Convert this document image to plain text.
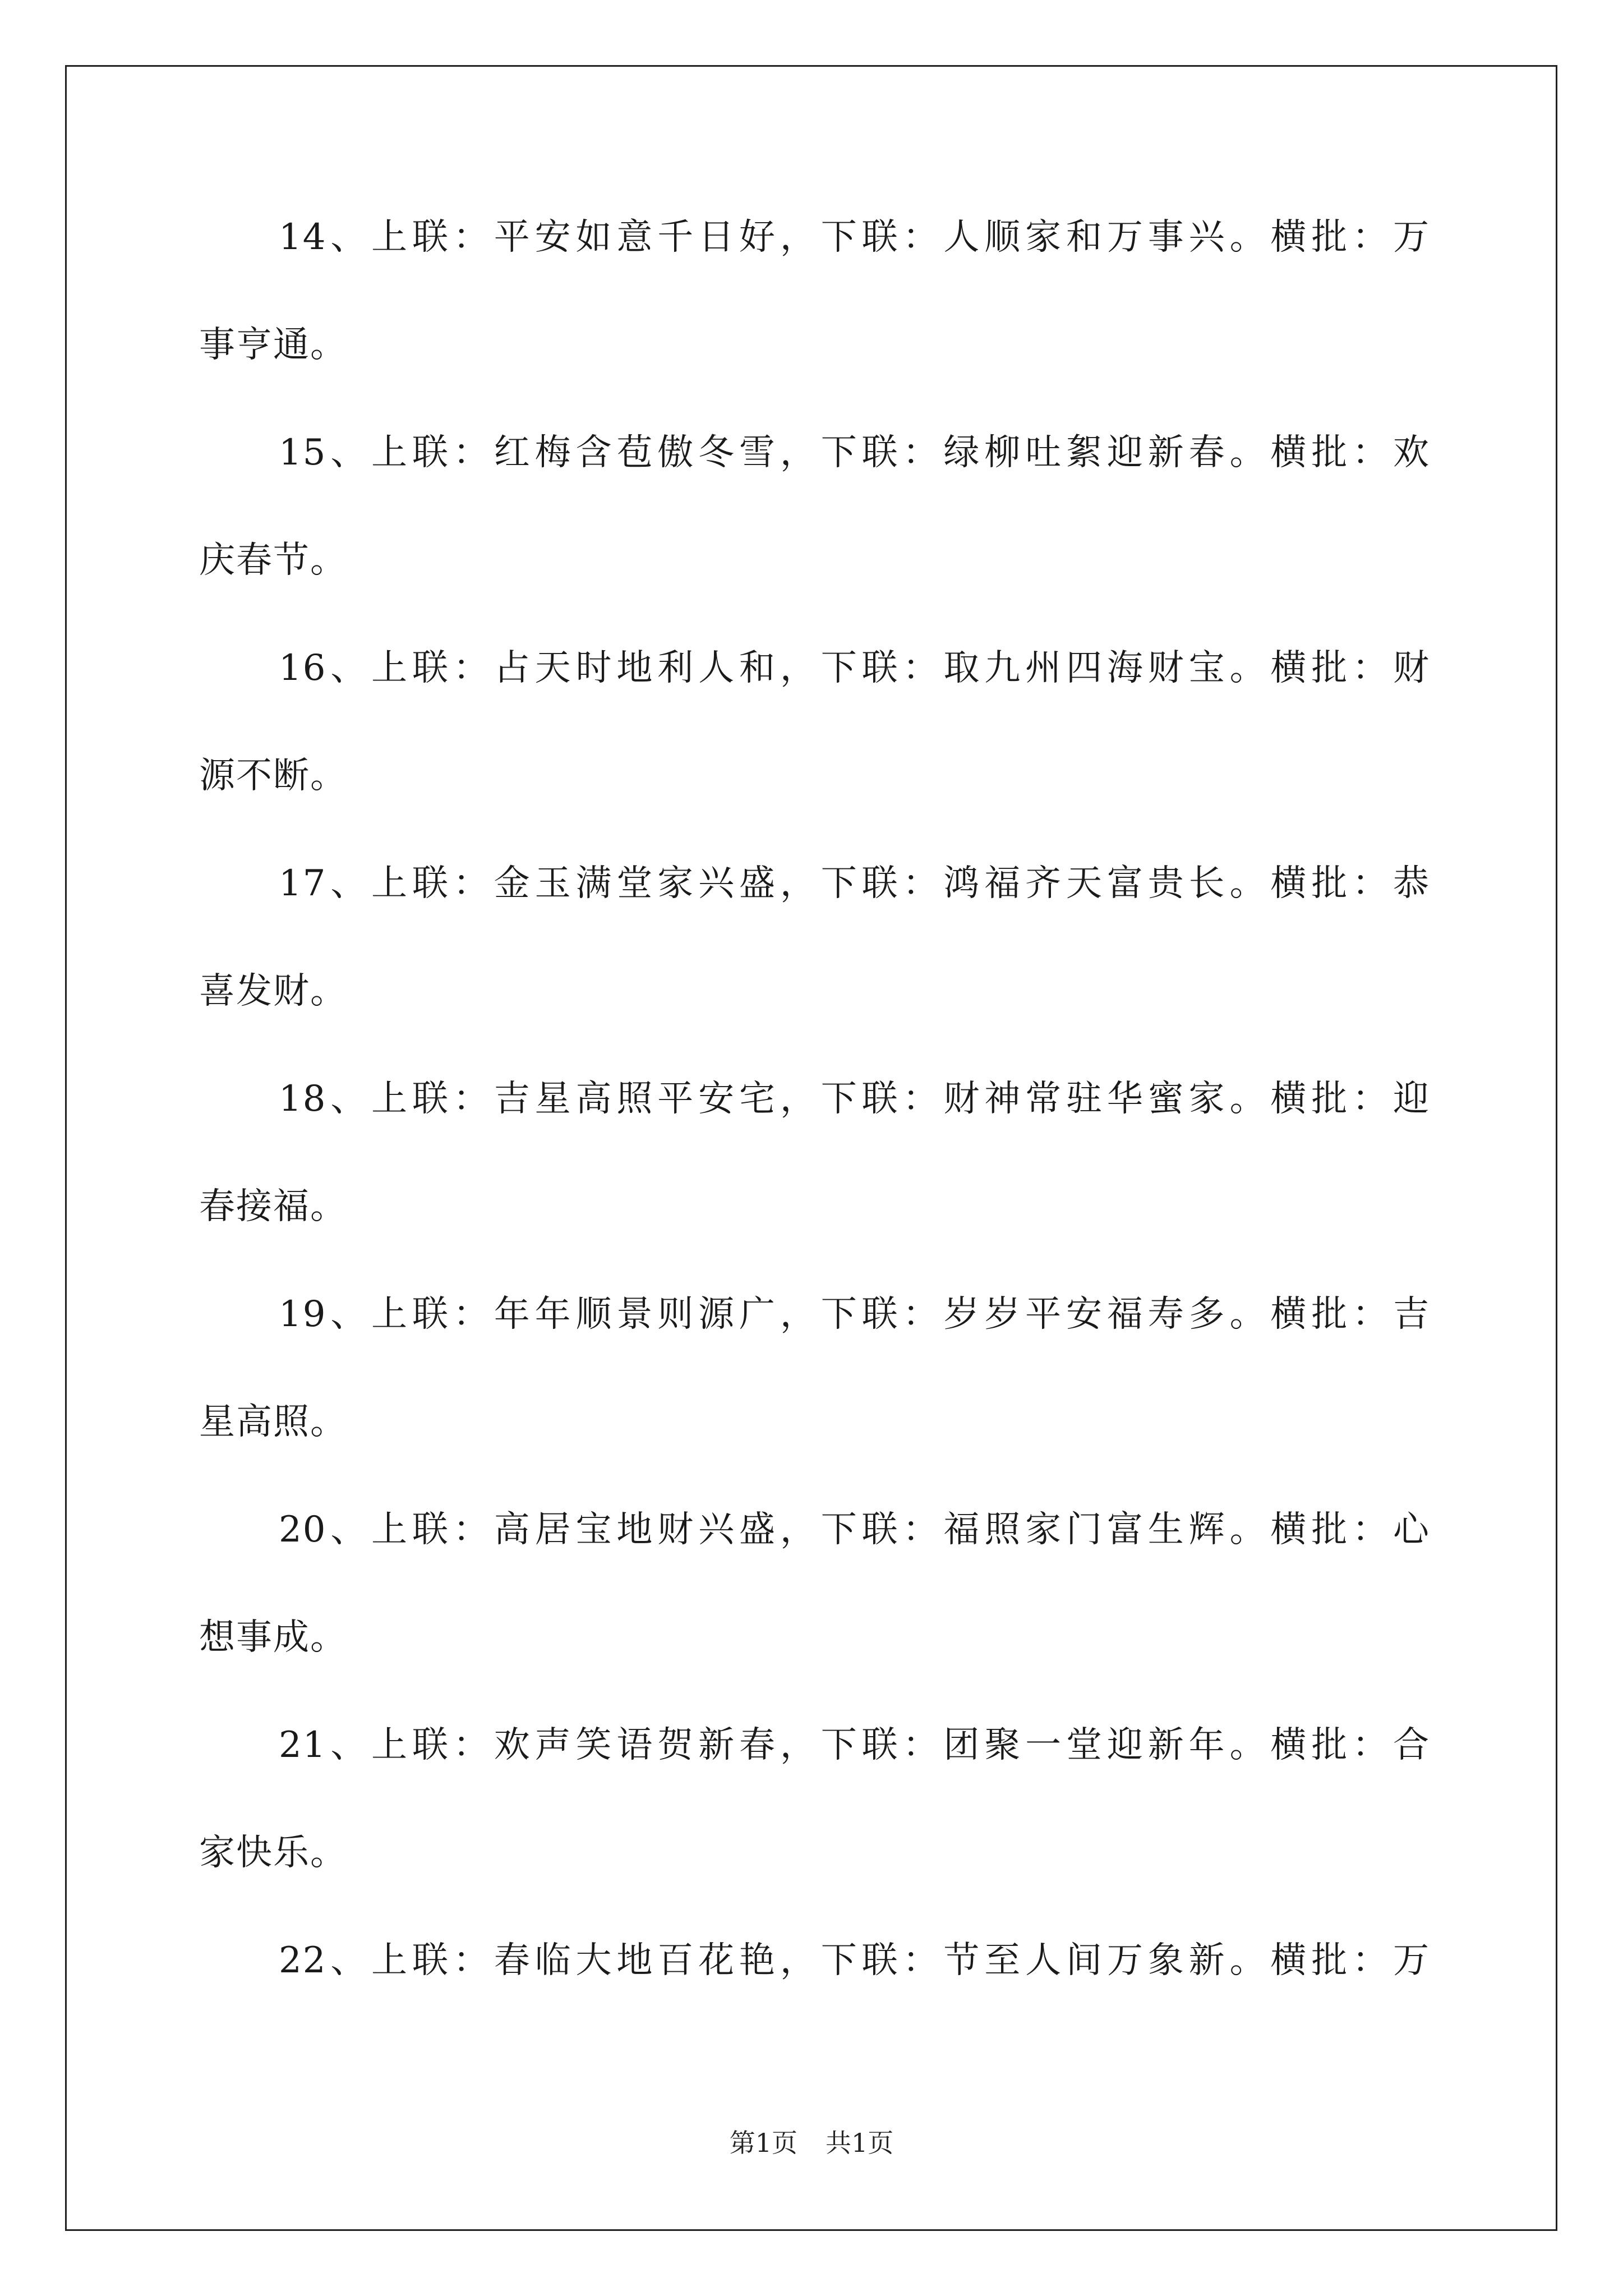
14、上联：平安如意千日好，下联：人顺家和万事兴。横批：万
事亨通。
15、上联：红梅含苞傲冬雪，下联：绿柳吐絮迎新春。横批：欢
庆春节。
16、上联：占天时地利人和，下联：取九州四海财宝。横批：财
源不断。
17、上联：金玉满堂家兴盛，下联：鸿福齐天富贵长。横批：恭
喜发财。
18、上联：吉星高照平安宅，下联：财神常驻华蜜家。横批：迎
春接福。
19、上联：年年顺景则源广，下联：岁岁平安福寿多。横批：吉
星高照。
20、上联：高居宝地财兴盛，下联：福照家门富生辉。横批：心
想事成。
21、上联：欢声笑语贺新春，下联：团聚一堂迎新年。横批：合
家快乐。
22、上联：春临大地百花艳，下联：节至人间万象新。横批：万
第1页 共1页
